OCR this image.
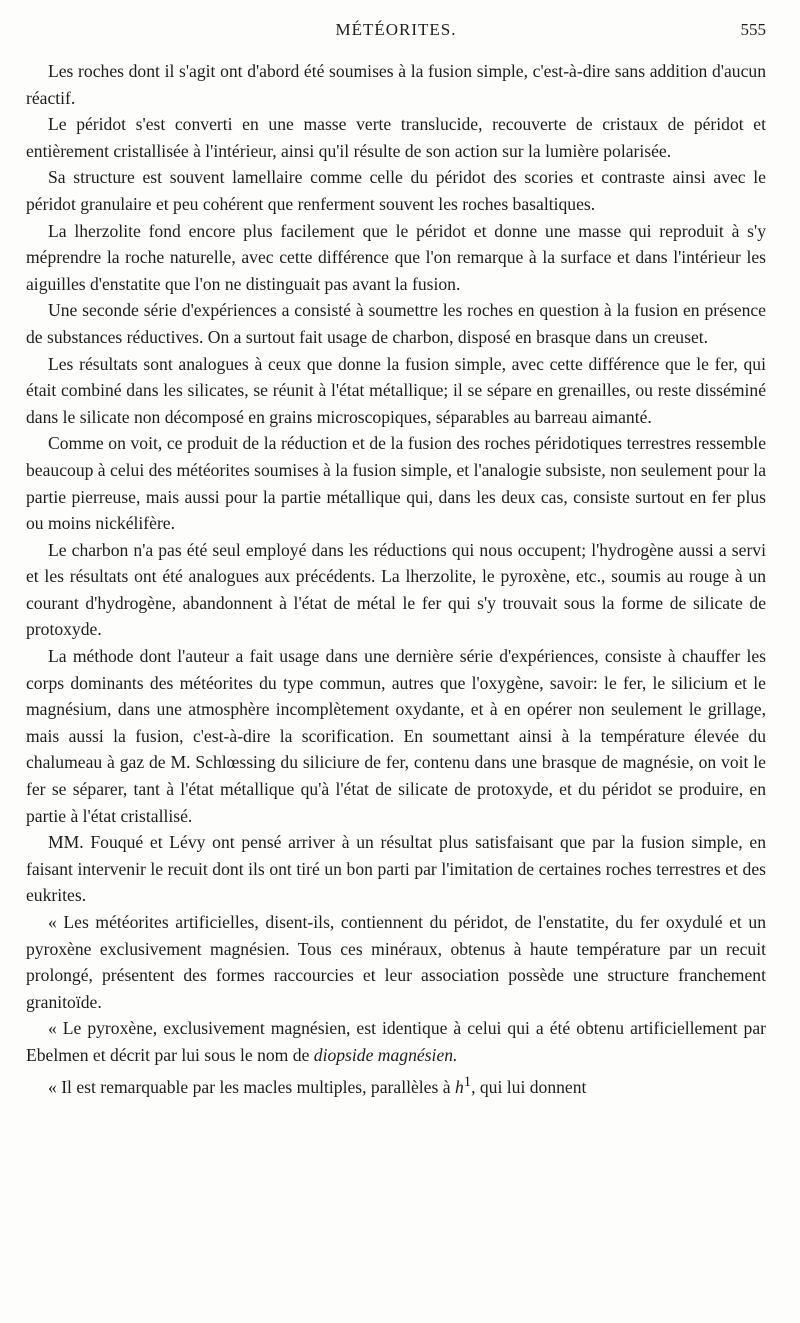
MÉTÉORITES.	555

Les roches dont il s'agit ont d'abord été soumises à la fusion simple, c'est-à-dire sans addition d'aucun réactif.

Le péridot s'est converti en une masse verte translucide, recouverte de cristaux de péridot et entièrement cristallisée à l'intérieur, ainsi qu'il résulte de son action sur la lumière polarisée.

Sa structure est souvent lamellaire comme celle du péridot des scories et contraste ainsi avec le péridot granulaire et peu cohérent que renferment souvent les roches basaltiques.

La lherzolite fond encore plus facilement que le péridot et donne une masse qui reproduit à s'y méprendre la roche naturelle, avec cette différence que l'on remarque à la surface et dans l'intérieur les aiguilles d'enstatite que l'on ne distinguait pas avant la fusion.

Une seconde série d'expériences a consisté à soumettre les roches en question à la fusion en présence de substances réductives. On a surtout fait usage de charbon, disposé en brasque dans un creuset.

Les résultats sont analogues à ceux que donne la fusion simple, avec cette différence que le fer, qui était combiné dans les silicates, se réunit à l'état métallique; il se sépare en grenailles, ou reste disséminé dans le silicate non décomposé en grains microscopiques, séparables au barreau aimanté.

Comme on voit, ce produit de la réduction et de la fusion des roches péridotiques terrestres ressemble beaucoup à celui des météorites soumises à la fusion simple, et l'analogie subsiste, non seulement pour la partie pierreuse, mais aussi pour la partie métallique qui, dans les deux cas, consiste surtout en fer plus ou moins nickélifère.

Le charbon n'a pas été seul employé dans les réductions qui nous occupent; l'hydrogène aussi a servi et les résultats ont été analogues aux précédents. La lherzolite, le pyroxène, etc., soumis au rouge à un courant d'hydrogène, abandonnent à l'état de métal le fer qui s'y trouvait sous la forme de silicate de protoxyde.

La méthode dont l'auteur a fait usage dans une dernière série d'expériences, consiste à chauffer les corps dominants des météorites du type commun, autres que l'oxygène, savoir: le fer, le silicium et le magnésium, dans une atmosphère incomplètement oxydante, et à en opérer non seulement le grillage, mais aussi la fusion, c'est-à-dire la scorification. En soumettant ainsi à la température élevée du chalumeau à gaz de M. Schlœssing du siliciure de fer, contenu dans une brasque de magnésie, on voit le fer se séparer, tant à l'état métallique qu'à l'état de silicate de protoxyde, et du péridot se produire, en partie à l'état cristallisé.

MM. Fouqué et Lévy ont pensé arriver à un résultat plus satisfaisant que par la fusion simple, en faisant intervenir le recuit dont ils ont tiré un bon parti par l'imitation de certaines roches terrestres et des eukrites.

« Les météorites artificielles, disent-ils, contiennent du péridot, de l'enstatite, du fer oxydulé et un pyroxène exclusivement magnésien. Tous ces minéraux, obtenus à haute température par un recuit prolongé, présentent des formes raccourcies et leur association possède une structure franchement granitoïde.

« Le pyroxène, exclusivement magnésien, est identique à celui qui a été obtenu artificiellement par Ebelmen et décrit par lui sous le nom de diopside magnésien.

« Il est remarquable par les macles multiples, parallèles à $h^1$, qui lui donnent
